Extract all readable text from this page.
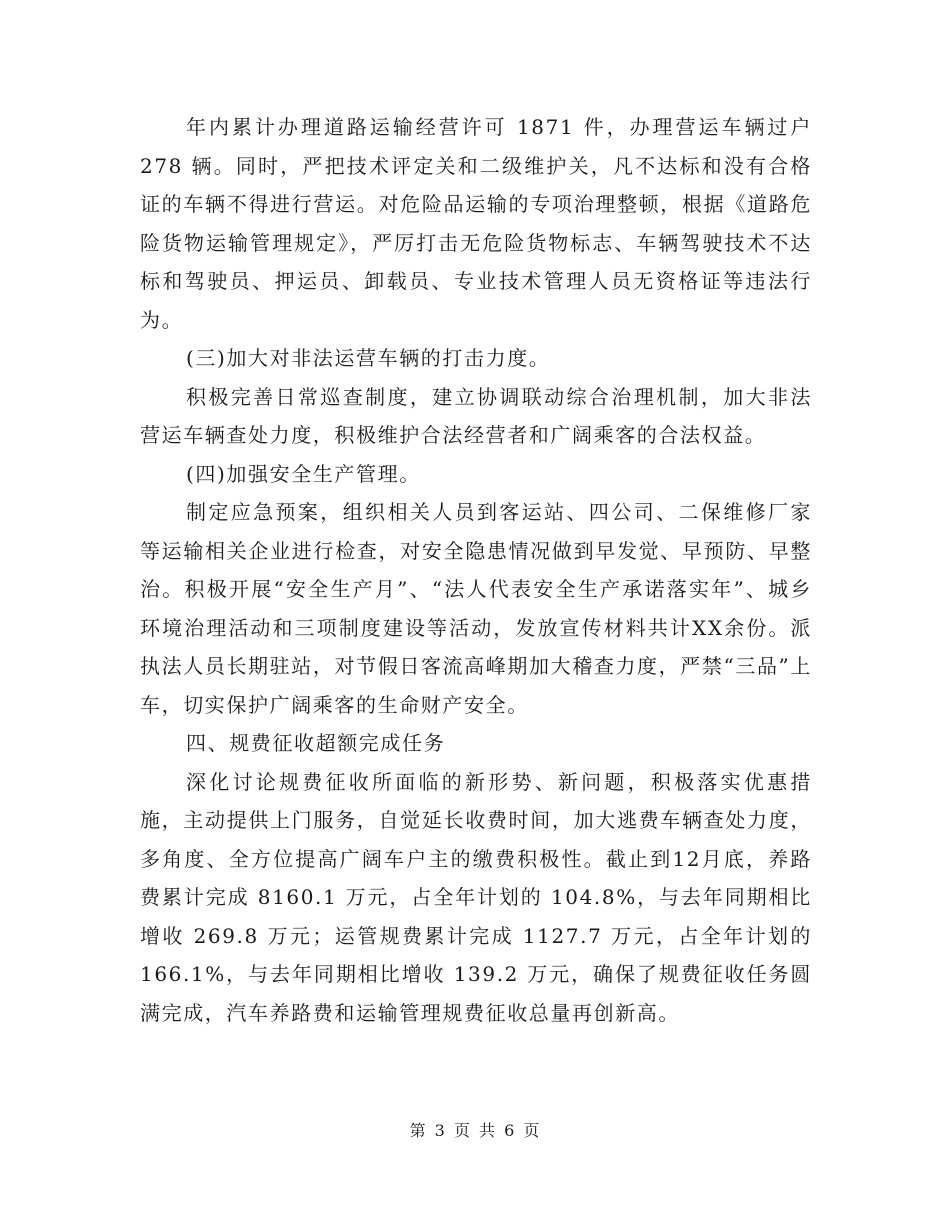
年内累计办理道路运输经营许可 1871 件，办理营运车辆过户 278 辆。同时，严把技术评定关和二级维护关，凡不达标和没有合格证的车辆不得进行营运。对危险品运输的专项治理整顿，根据《道路危险货物运输管理规定》，严厉打击无危险货物标志、车辆驾驶技术不达标和驾驶员、押运员、卸载员、专业技术管理人员无资格证等违法行为。

(三)加大对非法运营车辆的打击力度。

积极完善日常巡查制度，建立协调联动综合治理机制，加大非法营运车辆查处力度，积极维护合法经营者和广阔乘客的合法权益。

(四)加强安全生产管理。

制定应急预案，组织相关人员到客运站、四公司、二保维修厂家等运输相关企业进行检查，对安全隐患情况做到早发觉、早预防、早整治。积极开展“安全生产月”、“法人代表安全生产承诺落实年”、城乡环境治理活动和三项制度建设等活动，发放宣传材料共计XX余份。派执法人员长期驻站，对节假日客流高峰期加大稽查力度，严禁“三品”上车，切实保护广阔乘客的生命财产安全。

四、规费征收超额完成任务

深化讨论规费征收所面临的新形势、新问题，积极落实优惠措施，主动提供上门服务，自觉延长收费时间，加大逃费车辆查处力度，多角度、全方位提高广阔车户主的缴费积极性。截止到12月底，养路费累计完成 8160.1 万元，占全年计划的 104.8%，与去年同期相比增收 269.8 万元；运管规费累计完成 1127.7 万元，占全年计划的 166.1%，与去年同期相比增收 139.2 万元，确保了规费征收任务圆满完成，汽车养路费和运输管理规费征收总量再创新高。

第 3 页 共 6 页
